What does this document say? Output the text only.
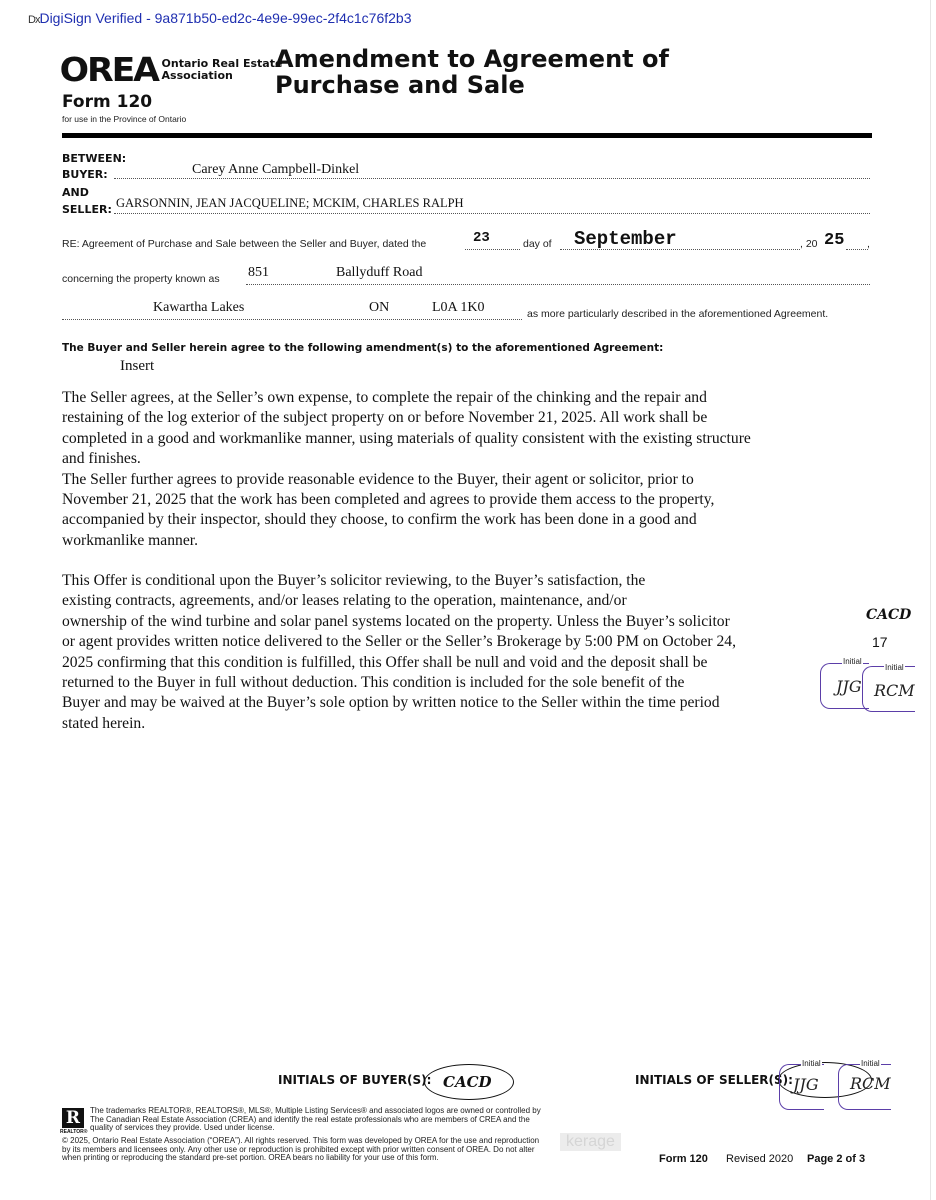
DxDigiSign Verified - 9a871b50-ed2c-4e9e-99ec-2f4c1c76f2b3
OREA Ontario Real Estate
Association
Form 120
for use in the Province of Ontario
Amendment to Agreement of
Purchase and Sale
BETWEEN:
BUYER:	Carey Anne Campbell-Dinkel
AND
SELLER: GARSONNIN, JEAN JACQUELINE; MCKIM, CHARLES RALPH
RE: Agreement of Purchase and Sale between the Seller and Buyer, dated the	23	day of September	, 20 25 ,
concerning the property known as 851	Ballyduff Road
Kawartha Lakes	ON	L0A 1K0	as more particularly described in the aforementioned Agreement.
The Buyer and Seller herein agree to the following amendment(s) to the aforementioned Agreement:
Insert

The Seller agrees, at the Seller’s own expense, to complete the repair of the chinking and the repair and

restaining of the log exterior of the subject property on or before November 21, 2025. All work shall be

completed in a good and workmanlike manner, using materials of quality consistent with the existing structure

and finishes.

The Seller further agrees to provide reasonable evidence to the Buyer, their agent or solicitor, prior to

November 21, 2025 that the work has been completed and agrees to provide them access to the property,

accompanied by their inspector, should they choose, to confirm the work has been done in a good and

workmanlike manner.

This Offer is conditional upon the Buyer’s solicitor reviewing, to the Buyer’s satisfaction, the

existing contracts, agreements, and/or leases relating to the operation, maintenance, and/or

ownership of the wind turbine and solar panel systems located on the property. Unless the Buyer’s solicitor

or agent provides written notice delivered to the Seller or the Seller’s Brokerage by 5:00 PM on October 24,

2025 confirming that this condition is fulfilled, this Offer shall be null and void and the deposit shall be

returned to the Buyer in full without deduction. This condition is included for the sole benefit of the

Buyer and may be waived at the Buyer’s sole option by written notice to the Seller within the time period

stated herein.

CACD
17
Initial
JJG
Initial
RCM
INITIALS OF BUYER(S): CACD	INITIALS OF SELLER(S):
Initial
JJG
Initial
RCM
R
REALTOR®
The trademarks REALTOR®, REALTORS®, MLS®, Multiple Listing Services® and associated logos are owned or controlled by
The Canadian Real Estate Association (CREA) and identify the real estate professionals who are members of CREA and the
quality of services they provide. Used under license.
kerage
© 2025, Ontario Real Estate Association (“OREA”). All rights reserved. This form was developed by OREA for the use and reproduction
by its members and licensees only. Any other use or reproduction is prohibited except with prior written consent of OREA. Do not alter
when printing or reproducing the standard pre-set portion. OREA bears no liability for your use of this form.	Form 120 Revised 2020 Page 2 of 3
